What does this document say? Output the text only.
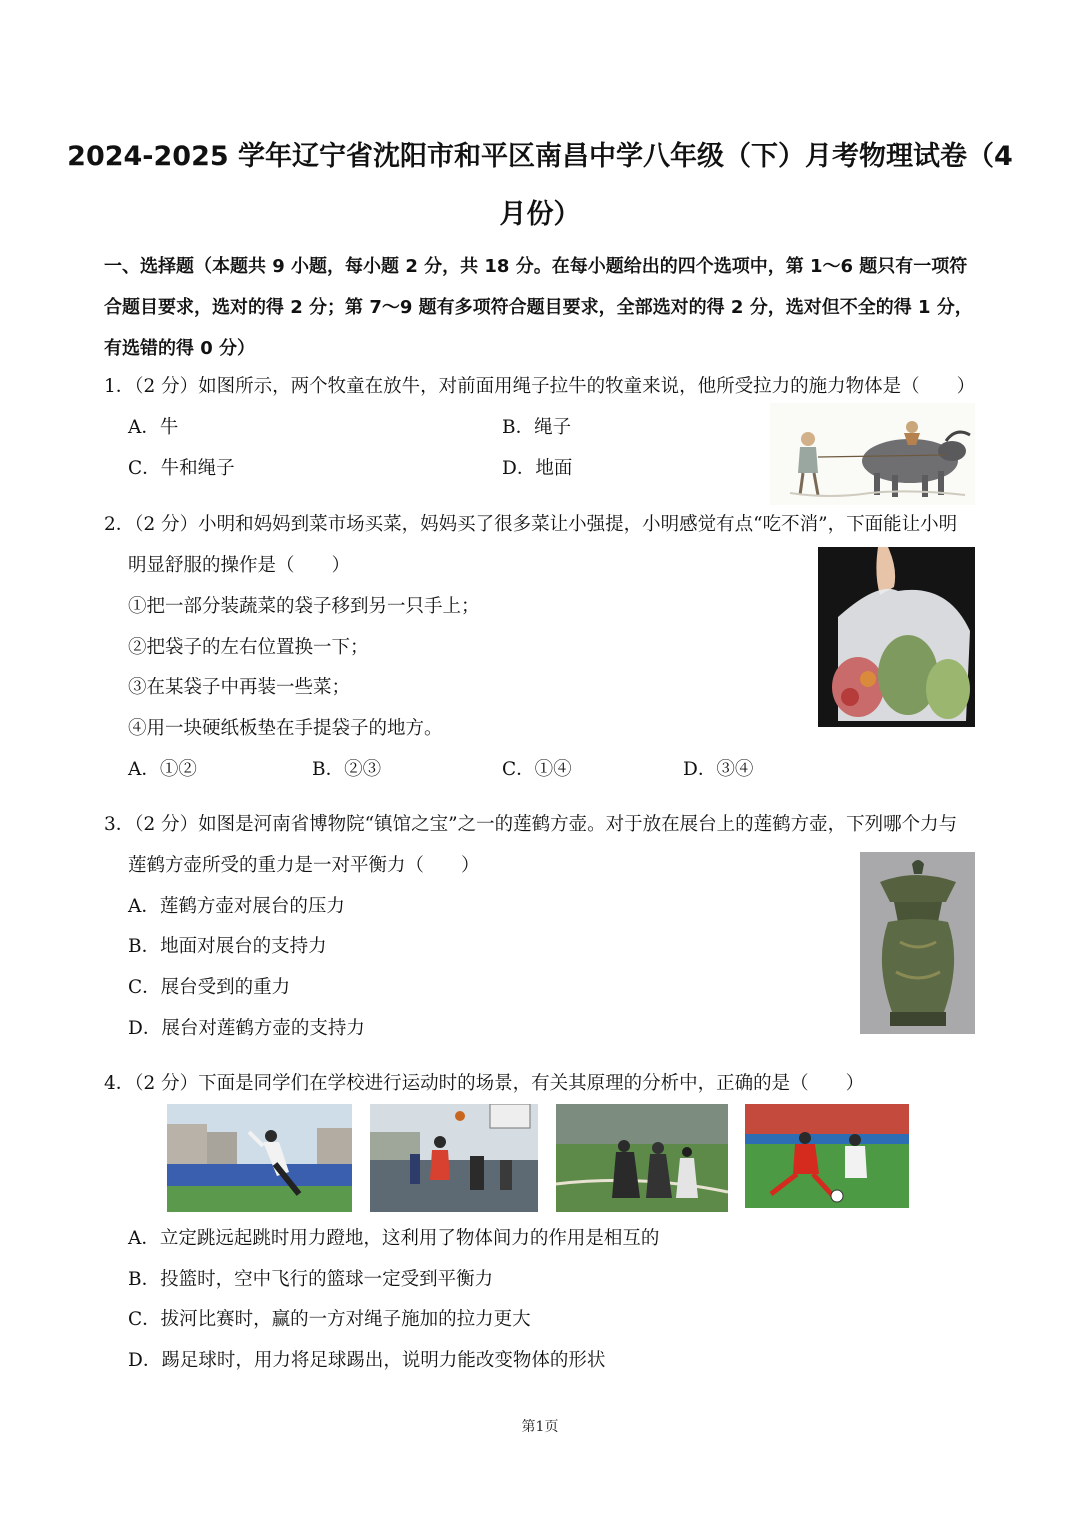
2024-2025 学年辽宁省沈阳市和平区南昌中学八年级（下）月考物理试卷（4
月份）
一、选择题（本题共 9 小题，每小题 2 分，共 18 分。在每小题给出的四个选项中，第 1～6 题只有一项符
合题目要求，选对的得 2 分；第 7～9 题有多项符合题目要求，全部选对的得 2 分，选对但不全的得 1 分，
有选错的得 0 分）
1．（2 分）如图所示，两个牧童在放牛，对前面用绳子拉牛的牧童来说，他所受拉力的施力物体是（　　）
A．牛	B．绳子
C．牛和绳子	D．地面
2．（2 分）小明和妈妈到菜市场买菜，妈妈买了很多菜让小强提，小明感觉有点“吃不消”，下面能让小明
明显舒服的操作是（　　）
①把一部分装蔬菜的袋子移到另一只手上；
②把袋子的左右位置换一下；
③在某袋子中再装一些菜；
④用一块硬纸板垫在手提袋子的地方。
A．①②	B．②③	C．①④	D．③④
3．（2 分）如图是河南省博物院“镇馆之宝”之一的莲鹤方壶。对于放在展台上的莲鹤方壶，下列哪个力与
莲鹤方壶所受的重力是一对平衡力（　　）
A．莲鹤方壶对展台的压力
B．地面对展台的支持力
C．展台受到的重力
D．展台对莲鹤方壶的支持力
4．（2 分）下面是同学们在学校进行运动时的场景，有关其原理的分析中，正确的是（　　）
A．立定跳远起跳时用力蹬地，这利用了物体间力的作用是相互的
B．投篮时，空中飞行的篮球一定受到平衡力
C．拔河比赛时，赢的一方对绳子施加的拉力更大
D．踢足球时，用力将足球踢出，说明力能改变物体的形状
第1页
